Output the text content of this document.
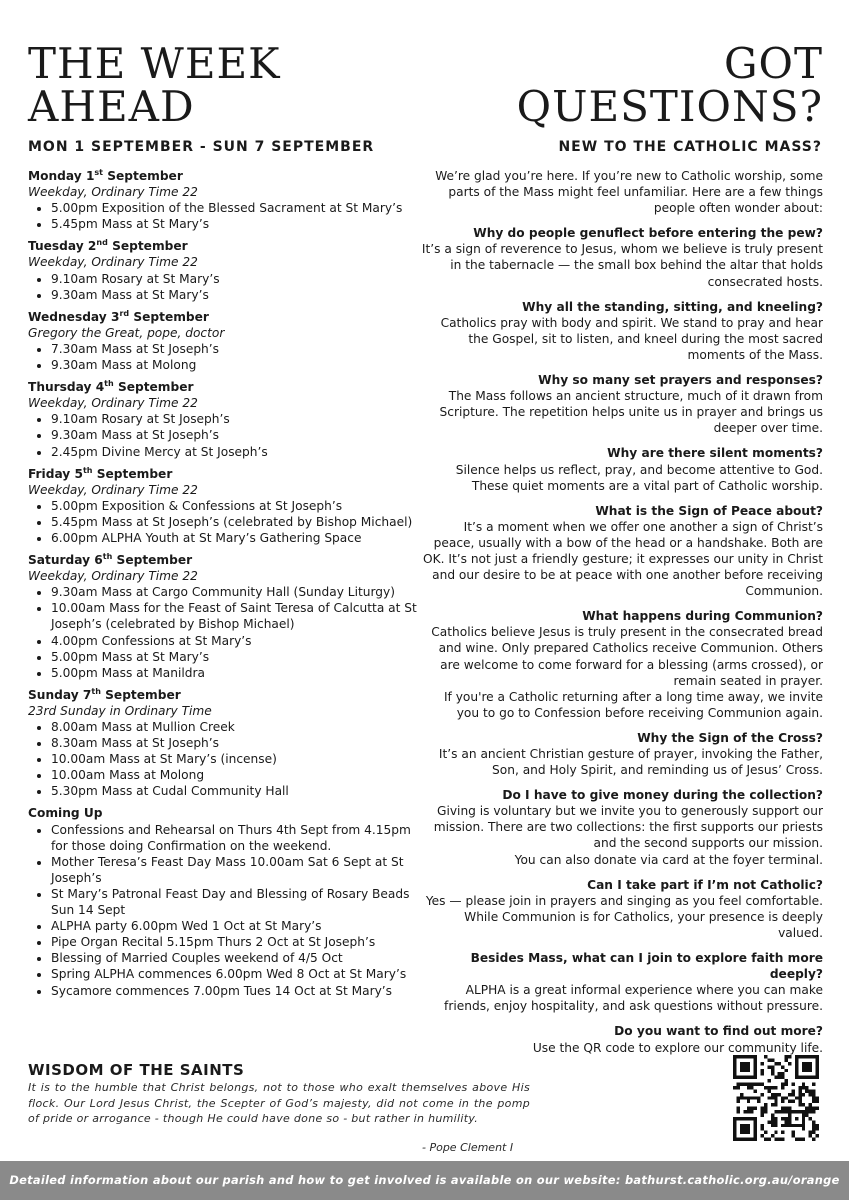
THE WEEK
AHEAD
GOT
QUESTIONS?
MON 1 SEPTEMBER - SUN 7 SEPTEMBER	NEW TO THE CATHOLIC MASS?
Monday 1st September
Weekday, Ordinary Time 22
• 5.00pm Exposition of the Blessed Sacrament at St Mary’s
• 5.45pm Mass at St Mary’s
Tuesday 2nd September
Weekday, Ordinary Time 22
• 9.10am Rosary at St Mary’s
• 9.30am Mass at St Mary’s
Wednesday 3rd September
Gregory the Great, pope, doctor
• 7.30am Mass at St Joseph’s
• 9.30am Mass at Molong
Thursday 4th September
Weekday, Ordinary Time 22
• 9.10am Rosary at St Joseph’s
• 9.30am Mass at St Joseph’s
• 2.45pm Divine Mercy at St Joseph’s
Friday 5th September
Weekday, Ordinary Time 22
• 5.00pm Exposition & Confessions at St Joseph’s
• 5.45pm Mass at St Joseph’s (celebrated by Bishop Michael)
• 6.00pm ALPHA Youth at St Mary’s Gathering Space
Saturday 6th September
Weekday, Ordinary Time 22
• 9.30am Mass at Cargo Community Hall (Sunday Liturgy)
• 10.00am Mass for the Feast of Saint Teresa of Calcutta at St Joseph’s (celebrated by Bishop Michael)
• 4.00pm Confessions at St Mary’s
• 5.00pm Mass at St Mary’s
• 5.00pm Mass at Manildra
Sunday 7th September
23rd Sunday in Ordinary Time
• 8.00am Mass at Mullion Creek
• 8.30am Mass at St Joseph’s
• 10.00am Mass at St Mary’s (incense)
• 10.00am Mass at Molong
• 5.30pm Mass at Cudal Community Hall
Coming Up
• Confessions and Rehearsal on Thurs 4th Sept from 4.15pm for those doing Confirmation on the weekend.
• Mother Teresa’s Feast Day Mass 10.00am Sat 6 Sept at St Joseph’s
• St Mary’s Patronal Feast Day and Blessing of Rosary Beads Sun 14 Sept
• ALPHA party 6.00pm Wed 1 Oct at St Mary’s
• Pipe Organ Recital 5.15pm Thurs 2 Oct at St Joseph’s
• Blessing of Married Couples weekend of 4/5 Oct
• Spring ALPHA commences 6.00pm Wed 8 Oct at St Mary’s
• Sycamore commences 7.00pm Tues 14 Oct at St Mary’s

We’re glad you’re here. If you’re new to Catholic worship, some parts of the Mass might feel unfamiliar. Here are a few things people often wonder about:

Why do people genuflect before entering the pew?
It’s a sign of reverence to Jesus, whom we believe is truly present in the tabernacle — the small box behind the altar that holds consecrated hosts.
Why all the standing, sitting, and kneeling?
Catholics pray with body and spirit. We stand to pray and hear the Gospel, sit to listen, and kneel during the most sacred moments of the Mass.
Why so many set prayers and responses?
The Mass follows an ancient structure, much of it drawn from Scripture. The repetition helps unite us in prayer and brings us deeper over time.
Why are there silent moments?
Silence helps us reflect, pray, and become attentive to God. These quiet moments are a vital part of Catholic worship.
What is the Sign of Peace about?
It’s a moment when we offer one another a sign of Christ’s peace, usually with a bow of the head or a handshake. Both are OK. It’s not just a friendly gesture; it expresses our unity in Christ and our desire to be at peace with one another before receiving Communion.
What happens during Communion?
Catholics believe Jesus is truly present in the consecrated bread and wine. Only prepared Catholics receive Communion. Others are welcome to come forward for a blessing (arms crossed), or remain seated in prayer.
If you're a Catholic returning after a long time away, we invite you to go to Confession before receiving Communion again.
Why the Sign of the Cross?
It’s an ancient Christian gesture of prayer, invoking the Father, Son, and Holy Spirit, and reminding us of Jesus’ Cross.
Do I have to give money during the collection?
Giving is voluntary but we invite you to generously support our mission. There are two collections: the first supports our priests and the second supports our mission.
You can also donate via card at the foyer terminal.
Can I take part if I’m not Catholic?
Yes — please join in prayers and singing as you feel comfortable. While Communion is for Catholics, your presence is deeply valued.
Besides Mass, what can I join to explore faith more deeply?
ALPHA is a great informal experience where you can make friends, enjoy hospitality, and ask questions without pressure.
Do you want to find out more?
Use the QR code to explore our community life.
WISDOM OF THE SAINTS

It is to the humble that Christ belongs, not to those who exalt themselves above His flock. Our Lord Jesus Christ, the Scepter of God’s majesty, did not come in the pomp of pride or arrogance - though He could have done so - but rather in humility.

- Pope Clement I
Detailed information about our parish and how to get involved is available on our website: bathurst.catholic.org.au/orange
